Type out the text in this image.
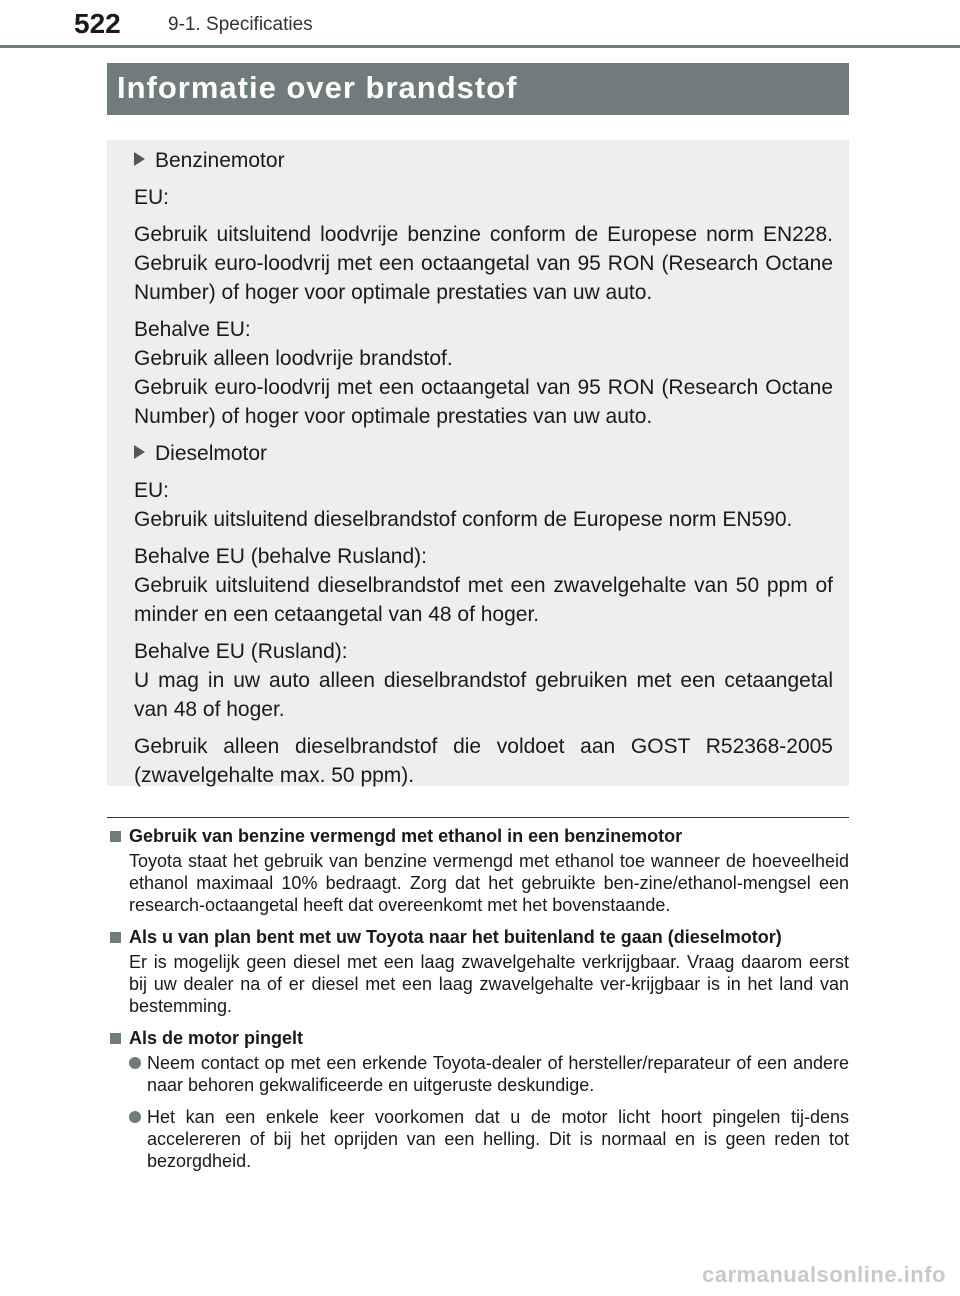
522 9-1. Specificaties
Informatie over brandstof

Benzinemotor

EU:

Gebruik uitsluitend loodvrije benzine conform de Europese norm EN228. Gebruik euro-loodvrij met een octaangetal van 95 RON (Research Octane Number) of hoger voor optimale prestaties van uw auto.

Behalve EU:

Gebruik alleen loodvrije brandstof.

Gebruik euro-loodvrij met een octaangetal van 95 RON (Research Octane Number) of hoger voor optimale prestaties van uw auto.

Dieselmotor

EU:

Gebruik uitsluitend dieselbrandstof conform de Europese norm EN590.

Behalve EU (behalve Rusland):

Gebruik uitsluitend dieselbrandstof met een zwavelgehalte van 50 ppm of minder en een cetaangetal van 48 of hoger.

Behalve EU (Rusland):

U mag in uw auto alleen dieselbrandstof gebruiken met een cetaangetal van 48 of hoger.

Gebruik alleen dieselbrandstof die voldoet aan GOST R52368-2005 (zwavelgehalte max. 50 ppm).

Gebruik van benzine vermengd met ethanol in een benzinemotor

Toyota staat het gebruik van benzine vermengd met ethanol toe wanneer de hoeveelheid ethanol maximaal 10% bedraagt. Zorg dat het gebruikte ben-zine/ethanol-mengsel een research-octaangetal heeft dat overeenkomt met het bovenstaande.

Als u van plan bent met uw Toyota naar het buitenland te gaan (dieselmotor)

Er is mogelijk geen diesel met een laag zwavelgehalte verkrijgbaar. Vraag daarom eerst bij uw dealer na of er diesel met een laag zwavelgehalte ver-krijgbaar is in het land van bestemming.

Als de motor pingelt

Neem contact op met een erkende Toyota-dealer of hersteller/reparateur of een andere naar behoren gekwalificeerde en uitgeruste deskundige.

Het kan een enkele keer voorkomen dat u de motor licht hoort pingelen tij-dens accelereren of bij het oprijden van een helling. Dit is normaal en is geen reden tot bezorgdheid.

carmanualsonline.info
